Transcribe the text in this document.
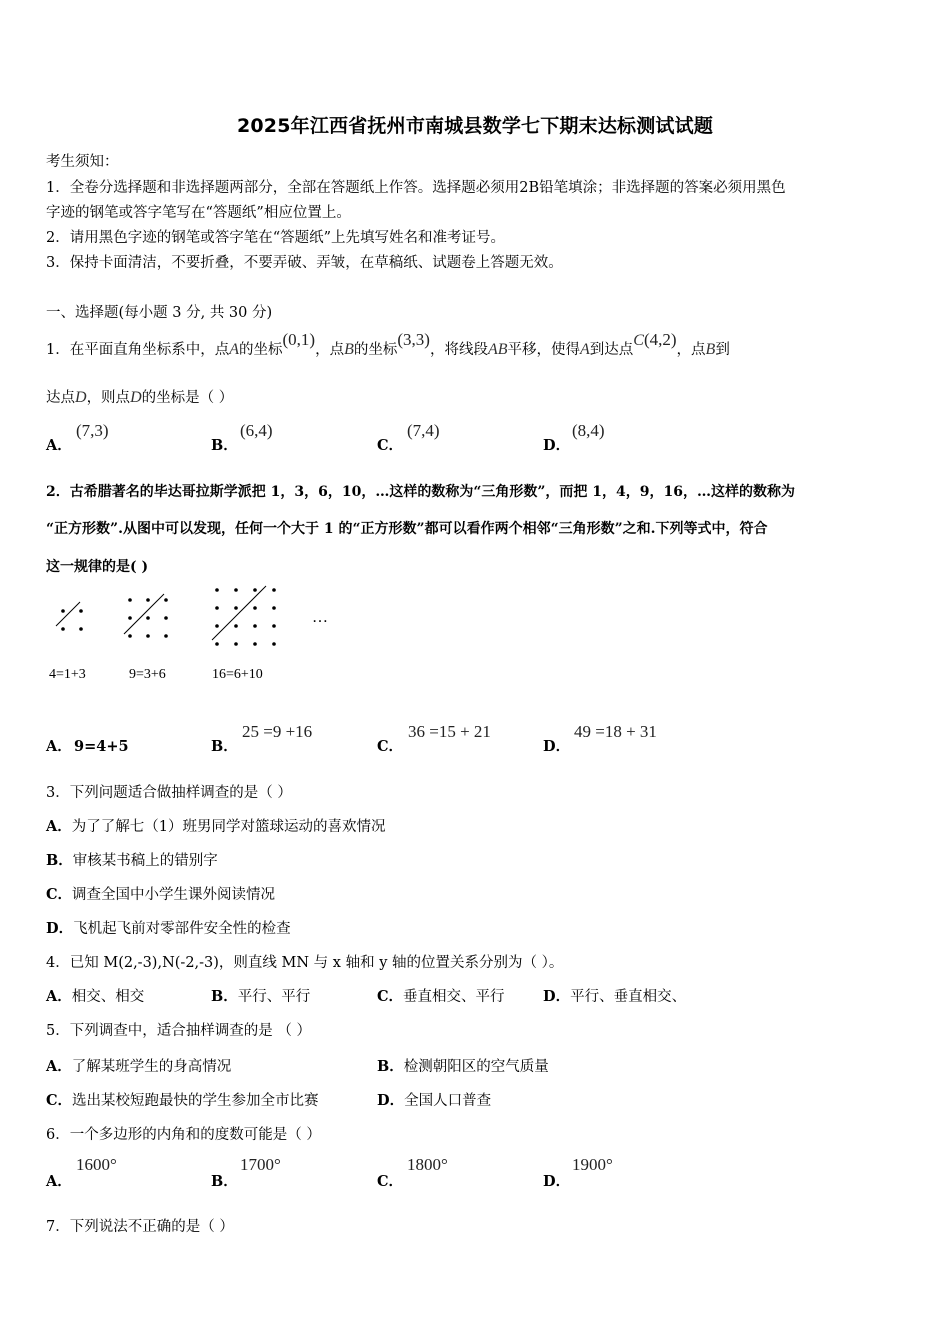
2025年江西省抚州市南城县数学七下期末达标测试试题
考生须知：
1．全卷分选择题和非选择题两部分，全部在答题纸上作答。选择题必须用2B铅笔填涂；非选择题的答案必须用黑色
字迹的钢笔或答字笔写在“答题纸”相应位置上。
2．请用黑色字迹的钢笔或答字笔在“答题纸”上先填写姓名和准考证号。
3．保持卡面清洁，不要折叠，不要弄破、弄皱，在草稿纸、试题卷上答题无效。
一、选择题(每小题 3 分, 共 30 分)
1．在平面直角坐标系中，点A的坐标(0,1)，点B的坐标(3,3)，将线段AB平移，使得A到达点C(4,2)，点B到
达点D，则点D的坐标是（ ）
A．
(7,3)
B．
(6,4)
C．
(7,4)
D．
(8,4)
2．古希腊著名的毕达哥拉斯学派把 1，3，6，10，…这样的数称为“三角形数”，而把 1，4，9，16，…这样的数称为
“正方形数”.从图中可以发现，任何一个大于 1 的“正方形数”都可以看作两个相邻“三角形数”之和.下列等式中，符合
这一规律的是( )
…
4=1+3	9=3+6	16=6+10
A． 9=4+5	B．
25 =9 +16
C．
36 =15 + 21
D．
49 =18 + 31
3．下列问题适合做抽样调查的是（ ）
A．为了了解七（1）班男同学对篮球运动的喜欢情况
B．审核某书稿上的错别字
C．调查全国中小学生课外阅读情况
D．飞机起飞前对零部件安全性的检查
4．已知 M(2,-3),N(-2,-3)，则直线 MN 与 x 轴和 y 轴的位置关系分别为（ ）。
A．相交、相交	B．平行、平行	C．垂直相交、平行	D．平行、垂直相交、
5．下列调查中，适合抽样调查的是 （ ）
A．了解某班学生的身高情况	B．检测朝阳区的空气质量
C．选出某校短跑最快的学生参加全市比赛	D．全国人口普查
6．一个多边形的内角和的度数可能是（ ）
A．
1600°
B．
1700°
C．
1800°
D．
1900°
7．下列说法不正确的是（ ）
